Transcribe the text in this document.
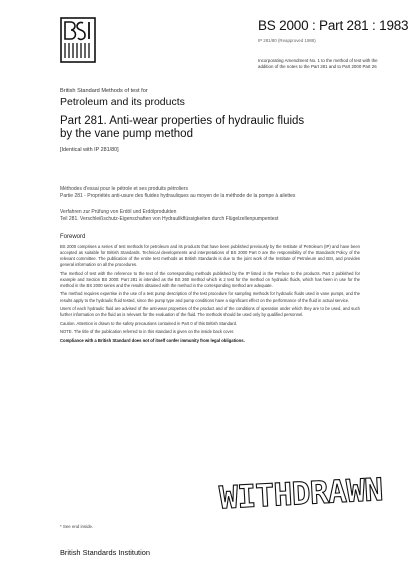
BS 2000 : Part 281 : 1983
IP 281/80 (Reapproved 1988)
Incorporating Amendment No. 1 to the method of test with the
addition of the notes to the Part 281 and to Part 2000 Part 26
British Standard Methods of test for
Petroleum and its products
Part 281. Anti-wear properties of hydraulic fluids
by the vane pump method
[Identical with IP 281/80]
Méthodes d'essai pour le pétrole et ses produits pétroliers
Partie 281 - Propriétés anti-usure des fluides hydrauliques au moyen de la méthode de la pompe à ailettes
Verfahren zur Prüfung von Erdöl und Erdölprodukten
Teil 281. Verschleißschutz-Eigenschaften von Hydraulikflüssigkeiten durch Flügelzellenpumpentest
Foreword

BS 2000 comprises a series of test methods for petroleum and its products that have been published previously by the Institute of Petroleum (IP) and have been accepted as suitable for British Standards. Technical developments and interpretations of BS 2000 Part 0 are the responsibility of the Standards Policy of the relevant committee. The publication of the entire test methods as British Standards is due to the joint work of the Institute of Petroleum and BSI, and provides general information on all the procedures.

The method of test with the reference to the text of the corresponding methods published by the IP listed in the Preface to the products. Part 2 published for example and Section BS 2000: Part 281 is intended as the BS 260 method which is 2 test for the method on hydraulic fluids, which has been in use for the method in the BS 2000 series and the results obtained with the method in the corresponding method are adequate.

The method requires expertise in the use of a test pump description of the test procedure for sampling methods for hydraulic fluids used in vane pumps, and the results apply to the hydraulic fluid tested, since the pump type and pump conditions have a significant effect on the performance of the fluid in actual service.

Users of each hydraulic fluid are advised of the anti-wear properties of the product and of the conditions of operation under which they are to be used, and such further information on the fluid as is relevant for the evaluation of the fluid. The methods should be used only by qualified personnel.

Caution. Attention is drawn to the safety precautions contained in Part 0 of this British Standard.

NOTE. The title of the publication referred to in this standard is given on the inside back cover.

Compliance with a British Standard does not of itself confer immunity from legal obligations.

WITHDRAWN
* See end inside.
British Standards Institution
